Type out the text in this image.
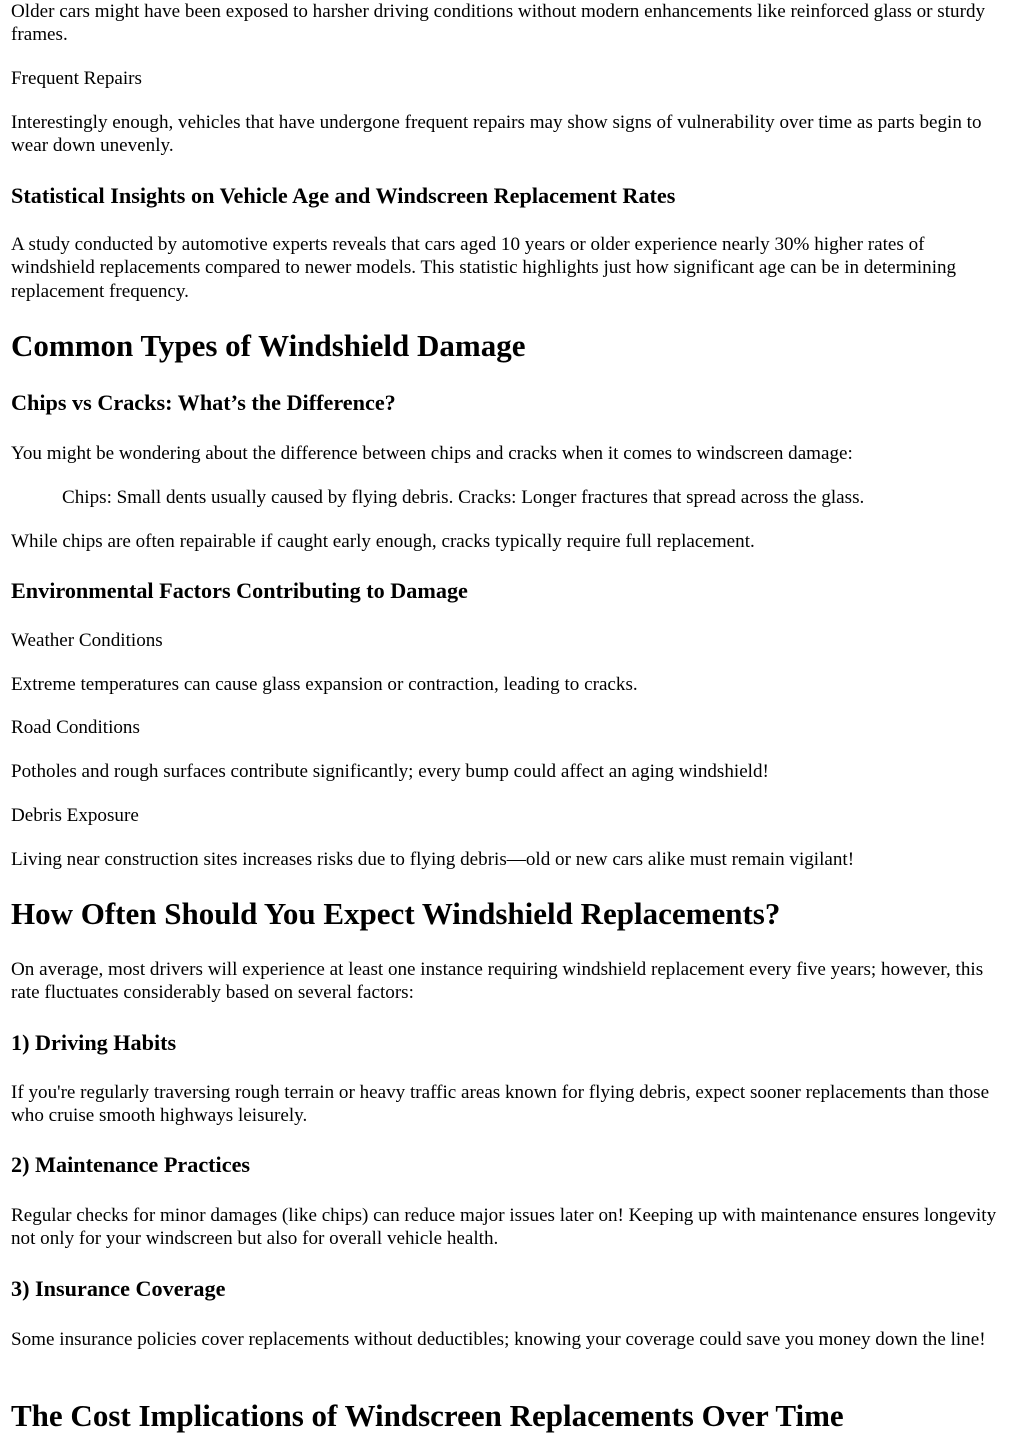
Older cars might have been exposed to harsher driving conditions without modern enhancements like reinforced glass or sturdy frames.

Frequent Repairs

Interestingly enough, vehicles that have undergone frequent repairs may show signs of vulnerability over time as parts begin to wear down unevenly.

Statistical Insights on Vehicle Age and Windscreen Replacement Rates

A study conducted by automotive experts reveals that cars aged 10 years or older experience nearly 30% higher rates of windshield replacements compared to newer models. This statistic highlights just how significant age can be in determining replacement frequency.

Common Types of Windshield Damage
Chips vs Cracks: What’s the Difference?

You might be wondering about the difference between chips and cracks when it comes to windscreen damage:

Chips: Small dents usually caused by flying debris. Cracks: Longer fractures that spread across the glass.

While chips are often repairable if caught early enough, cracks typically require full replacement.

Environmental Factors Contributing to Damage

Weather Conditions

Extreme temperatures can cause glass expansion or contraction, leading to cracks.

Road Conditions

Potholes and rough surfaces contribute significantly; every bump could affect an aging windshield!

Debris Exposure

Living near construction sites increases risks due to flying debris—old or new cars alike must remain vigilant!

How Often Should You Expect Windshield Replacements?

On average, most drivers will experience at least one instance requiring windshield replacement every five years; however, this rate fluctuates considerably based on several factors:

1) Driving Habits

If you're regularly traversing rough terrain or heavy traffic areas known for flying debris, expect sooner replacements than those who cruise smooth highways leisurely.

2) Maintenance Practices

Regular checks for minor damages (like chips) can reduce major issues later on! Keeping up with maintenance ensures longevity not only for your windscreen but also for overall vehicle health.

3) Insurance Coverage

Some insurance policies cover replacements without deductibles; knowing your coverage could save you money down the line!

The Cost Implications of Windscreen Replacements Over Time
